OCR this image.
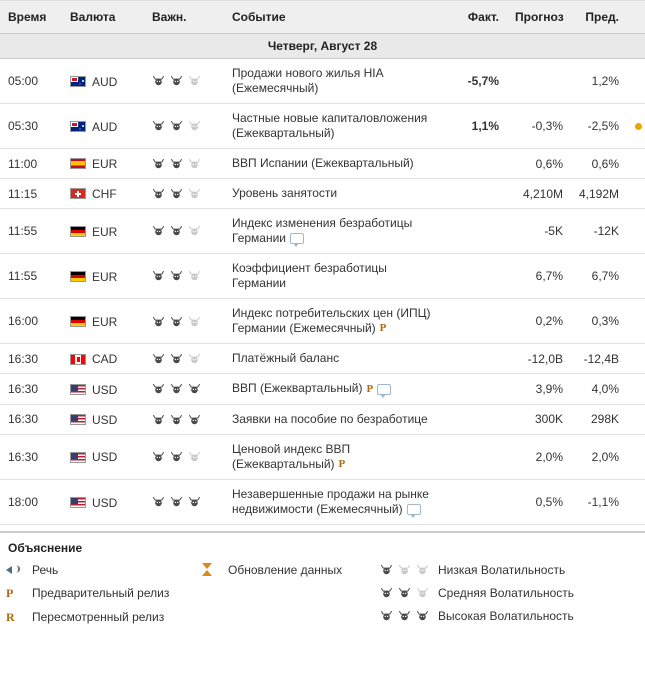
Время	Валюта	Важн.	Событие	Факт.	Прогноз	Пред.	
Четверг, Август 28							
05:00	AUD		Продажи нового жилья HIA (Ежемесячный)	-5,7%		1,2%	
05:30	AUD		Частные новые капиталовложения (Ежеквартальный)	1,1%	-0,3%	-2,5%	
11:00	EUR		ВВП Испании (Ежеквартальный)		0,6%	0,6%	
11:15	CHF		Уровень занятости		4,210M	4,192M	
11:55	EUR		Индекс изменения безработицы Германии		-5K	-12K	
11:55	EUR		Коэффициент безработицы Германии		6,7%	6,7%	
16:00	EUR		Индекс потребительских цен (ИПЦ) Германии (Ежемесячный) P		0,2%	0,3%	
16:30	CAD		Платёжный баланс		-12,0B	-12,4B	
16:30	USD		ВВП (Ежеквартальный) P		3,9%	4,0%	
16:30	USD		Заявки на пособие по безработице		300K	298K	
16:30	USD		Ценовой индекс ВВП (Ежеквартальный) P		2,0%	2,0%	
18:00	USD		Незавершенные продажи на рынке недвижимости (Ежемесячный)		0,5%	-1,1%	
Объяснение
Речь
P Предварительный релиз
R Пересмотренный релиз
Обновление данных	Низкая Волатильность
Средняя Волатильность
Высокая Волатильность
